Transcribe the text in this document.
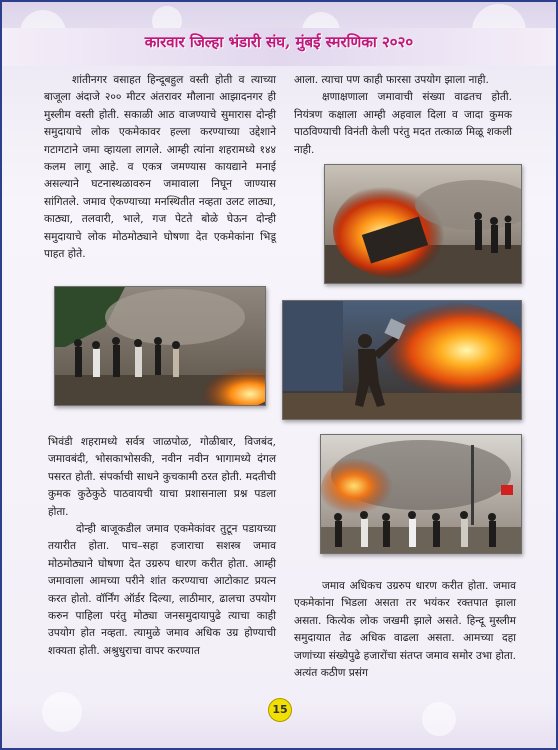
कारवार जिल्हा भंडारी संघ, मुंबई स्मरणिका २०२०

शांतीनगर वसाहत हिन्दूबहुल वस्ती होती व त्याच्या बाजूला अंदाजे २०० मीटर अंतरावर मौलाना आझादनगर ही मुस्लीम वस्ती होती. सकाळी आठ वाजण्याचे सुमारास दोन्ही समुदायाचे लोक एकमेकावर हल्ला करण्याच्या उद्देशाने गटागटाने जमा व्हायला लागले. आम्ही त्यांना शहरामध्ये १४४ कलम लागू आहे. व एकत्र जमण्यास कायद्याने मनाई असल्याने घटनास्थळावरुन जमावाला निघून जाण्यास सांगितले. जमाव ऐकण्याच्या मनस्थितीत नव्हता उलट लाठ्या, काठ्या, तलवारी, भाले, गज पेटते बोळे घेऊन दोन्ही समुदायाचे लोक मोठमोठ्याने घोषणा देत एकमेकांना भिडू पाहत होते.

आला. त्याचा पण काही फारसा उपयोग झाला नाही.

क्षणाक्षणाला जमावाची संख्या वाढतच होती. नियंत्रण कक्षाला आम्ही अहवाल दिला व जादा कुमक पाठविण्याची विनंती केली परंतु मदत तत्काळ मिळू शकली नाही.

भिवंडी शहरामध्ये सर्वत्र जाळपोळ, गोळीबार, विजबंद, जमावबंदी, भोसकाभोसकी, नवीन नवीन भागामध्ये दंगल पसरत होती. संपर्काची साधने कुचकामी ठरत होती. मदतीची कुमक कुठेकुठे पाठवायची याचा प्रशासनाला प्रश्न पडला होता.

दोन्ही बाजूकडील जमाव एकमेकांवर तुटून पडायच्या तयारीत होता. पाच–सहा हजाराचा सशस्त्र जमाव मोठमोठ्याने घोषणा देत उग्ररुप धारण करीत होता. आम्ही जमावाला आमच्या परीने शांत करण्याचा आटोकाट प्रयत्न करत होतो. वॉर्निंग ऑर्डर दिल्या, लाठीमार, ढालचा उपयोग करुन पाहिला परंतु मोठ्या जनसमुदायापुढे त्याचा काही उपयोग होत नव्हता. त्यामुळे जमाव अधिक उग्र होण्याची शक्यता होती. अश्रुधुराचा वापर करण्यात

जमाव अधिकच उग्ररुप धारण करीत होता. जमाव एकमेकांना भिडला असता तर भयंकर रक्तपात झाला असता. कित्येक लोक जखमी झाले असते. हिन्दू मुस्लीम समुदायात तेढ अधिक वाढला असता. आमच्या दहा जणांच्या संख्येपुढे हजारोंचा संतप्त जमाव समोर उभा होता. अत्यंत कठीण प्रसंग

15
